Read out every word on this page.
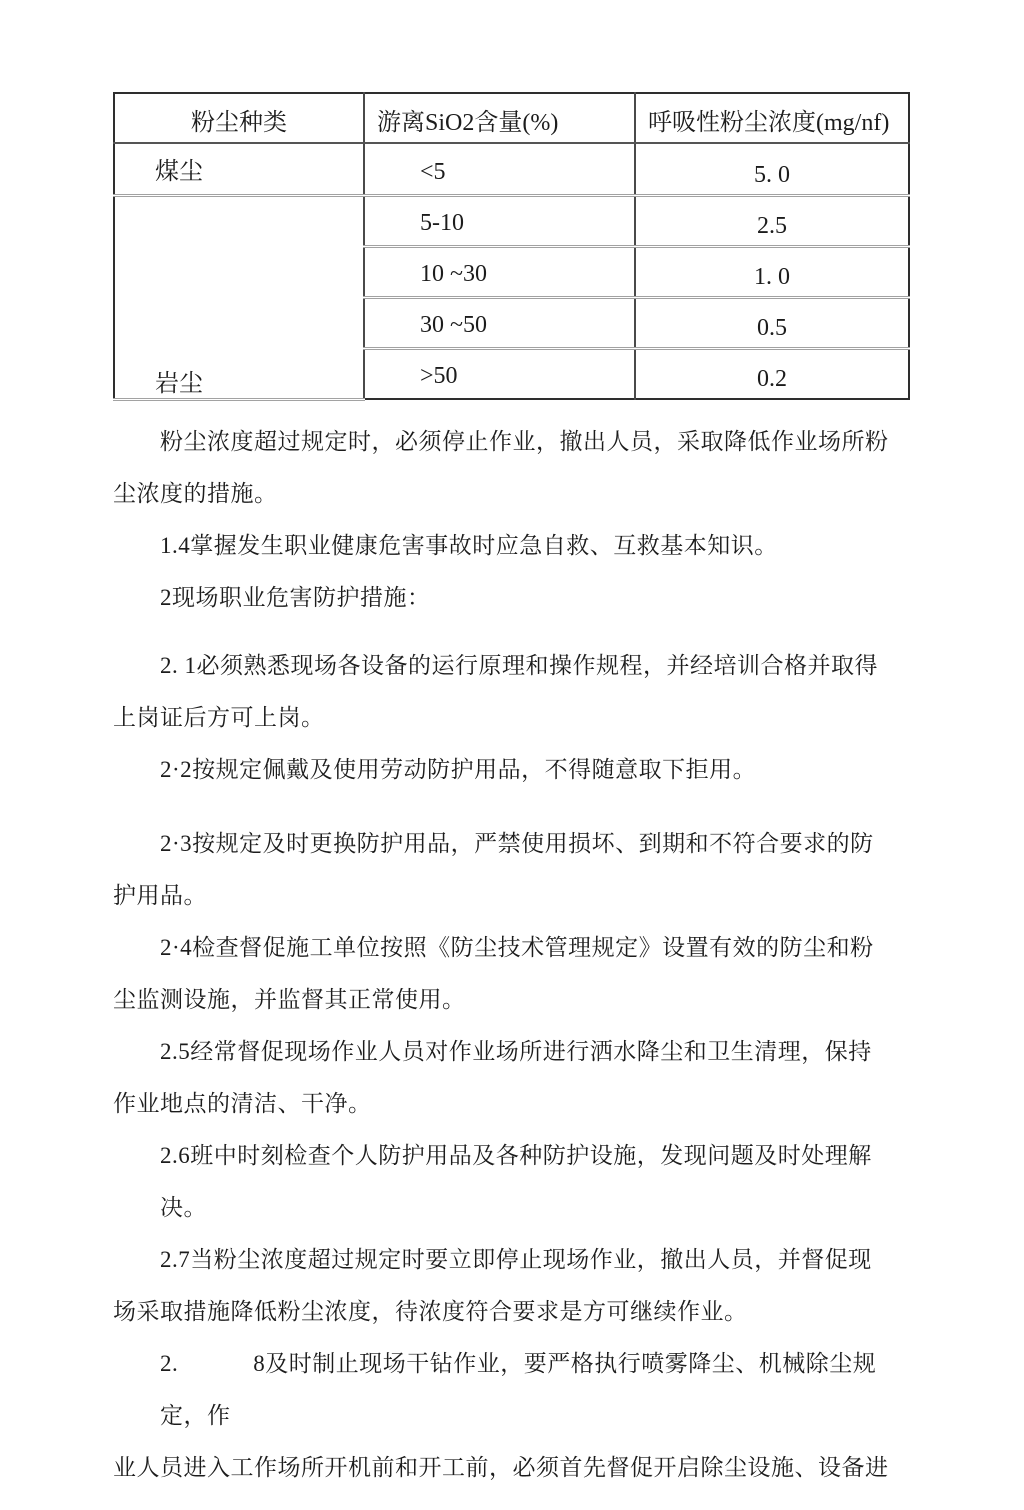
粉尘种类	游离SiO2含量(%)	呼吸性粉尘浓度(mg/nf)
煤尘	<5	5. 0
岩尘	5-10	2.5
	10 ~30	1. 0
	30 ~50	0.5
	>50	0.2
粉尘浓度超过规定时，必须停止作业，撤出人员，采取降低作业场所粉
尘浓度的措施。
1.4掌握发生职业健康危害事故时应急自救、互救基本知识。
2现场职业危害防护措施：
2. 1必须熟悉现场各设备的运行原理和操作规程，并经培训合格并取得
上岗证后方可上岗。
2·2按规定佩戴及使用劳动防护用品，不得随意取下拒用。
2·3按规定及时更换防护用品，严禁使用损坏、到期和不符合要求的防
护用品。
2·4检查督促施工单位按照《防尘技术管理规定》设置有效的防尘和粉
尘监测设施，并监督其正常使用。
2.5经常督促现场作业人员对作业场所进行洒水降尘和卫生清理，保持
作业地点的清洁、干净。
2.6班中时刻检查个人防护用品及各种防护设施，发现问题及时处理解 决。
2.7当粉尘浓度超过规定时要立即停止现场作业，撤出人员，并督促现
场采取措施降低粉尘浓度，待浓度符合要求是方可继续作业。
2.            8及时制止现场干钻作业，要严格执行喷雾降尘、机械除尘规定，作
业人员进入工作场所开机前和开工前，必须首先督促开启除尘设施、设备进
